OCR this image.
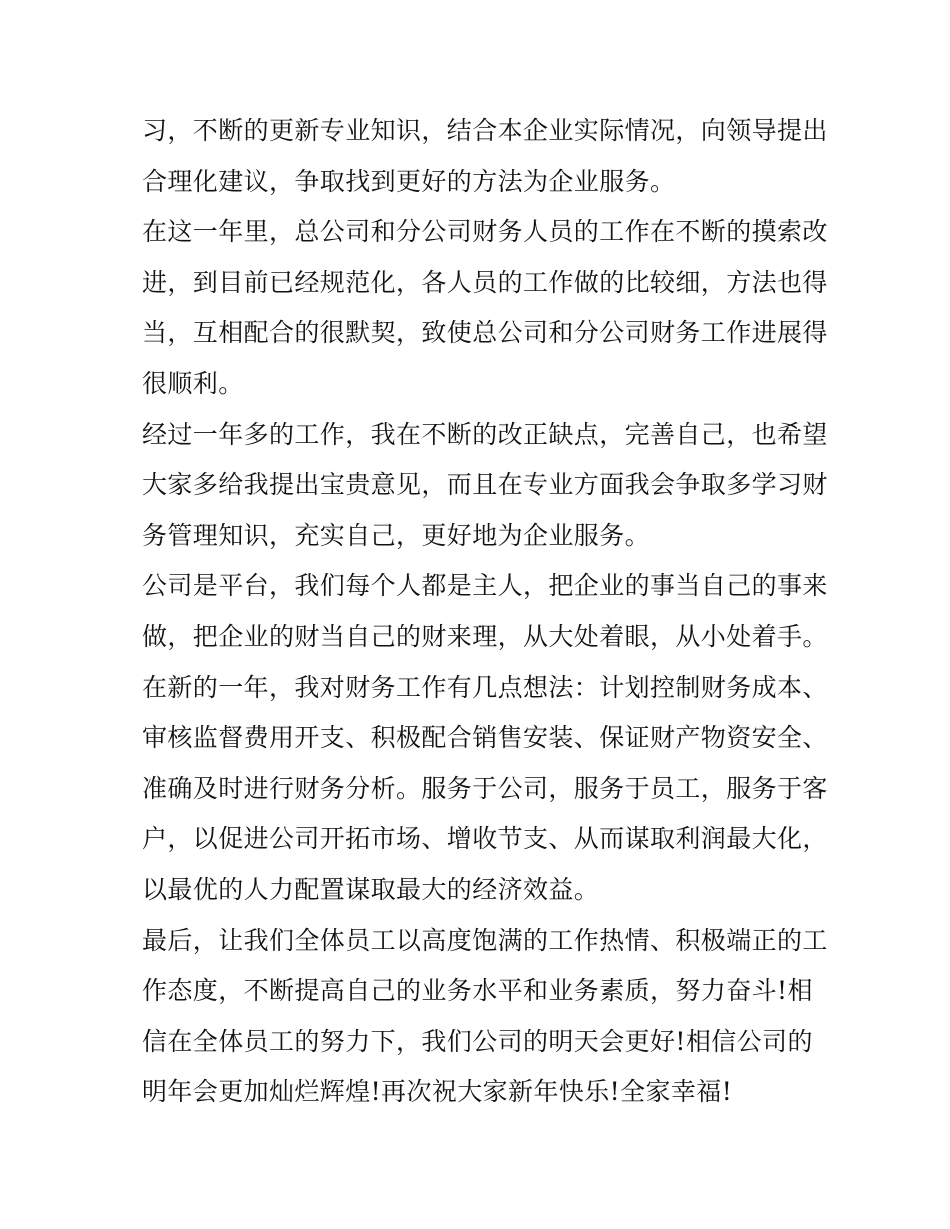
习，不断的更新专业知识，结合本企业实际情况，向领导提出
合理化建议，争取找到更好的方法为企业服务。
在这一年里，总公司和分公司财务人员的工作在不断的摸索改
进，到目前已经规范化，各人员的工作做的比较细，方法也得
当，互相配合的很默契，致使总公司和分公司财务工作进展得
很顺利。
经过一年多的工作，我在不断的改正缺点，完善自己，也希望
大家多给我提出宝贵意见，而且在专业方面我会争取多学习财
务管理知识，充实自己，更好地为企业服务。
公司是平台，我们每个人都是主人，把企业的事当自己的事来
做，把企业的财当自己的财来理，从大处着眼，从小处着手。
在新的一年，我对财务工作有几点想法：计划控制财务成本、
审核监督费用开支、积极配合销售安装、保证财产物资安全、
准确及时进行财务分析。服务于公司，服务于员工，服务于客
户，以促进公司开拓市场、增收节支、从而谋取利润最大化，
以最优的人力配置谋取最大的经济效益。
最后，让我们全体员工以高度饱满的工作热情、积极端正的工
作态度，不断提高自己的业务水平和业务素质，努力奋斗!相
信在全体员工的努力下，我们公司的明天会更好!相信公司的
明年会更加灿烂辉煌!再次祝大家新年快乐!全家幸福!
